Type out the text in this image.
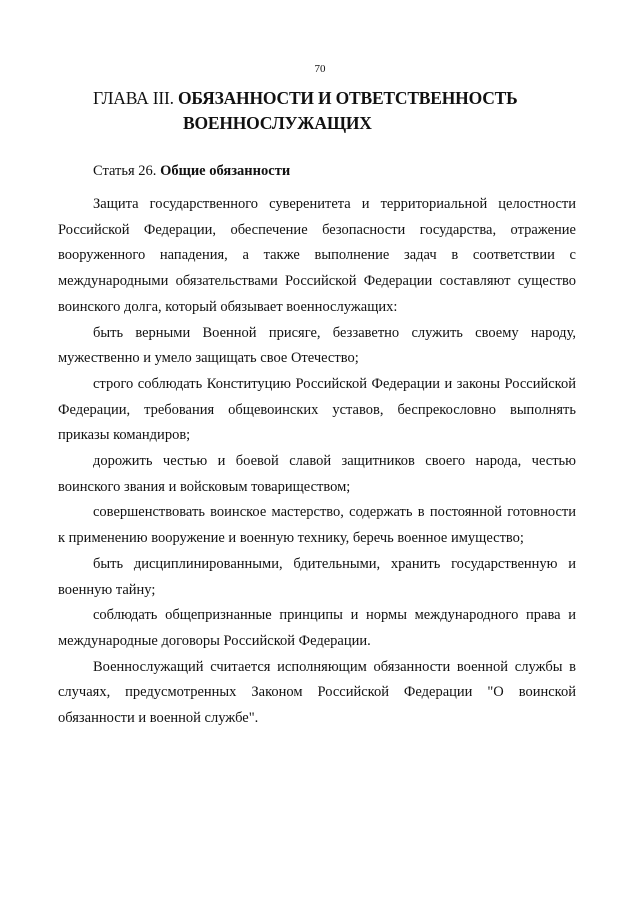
70
ГЛАВА III. ОБЯЗАННОСТИ И ОТВЕТСТВЕННОСТЬ
ВОЕННОСЛУЖАЩИХ
Статья 26. Общие обязанности

Защита государственного суверенитета и территориальной целостности Российской Федерации, обеспечение безопасности государства, отражение вооруженного нападения, а также выполнение задач в соответствии с международными обязательствами Российской Федерации составляют существо воинского долга, который обязывает военнослужащих:

быть верными Военной присяге, беззаветно служить своему народу, мужественно и умело защищать свое Отечество;

строго соблюдать Конституцию Российской Федерации и законы Российской Федерации, требования общевоинских уставов, беспрекословно выполнять приказы командиров;

дорожить честью и боевой славой защитников своего народа, честью воинского звания и войсковым товариществом;

совершенствовать воинское мастерство, содержать в постоянной готовности к применению вооружение и военную технику, беречь военное имущество;

быть дисциплинированными, бдительными, хранить государственную и военную тайну;

соблюдать общепризнанные принципы и нормы международного права и международные договоры Российской Федерации.

Военнослужащий считается исполняющим обязанности военной службы в случаях, предусмотренных Законом Российской Федерации "О воинской обязанности и военной службе".
